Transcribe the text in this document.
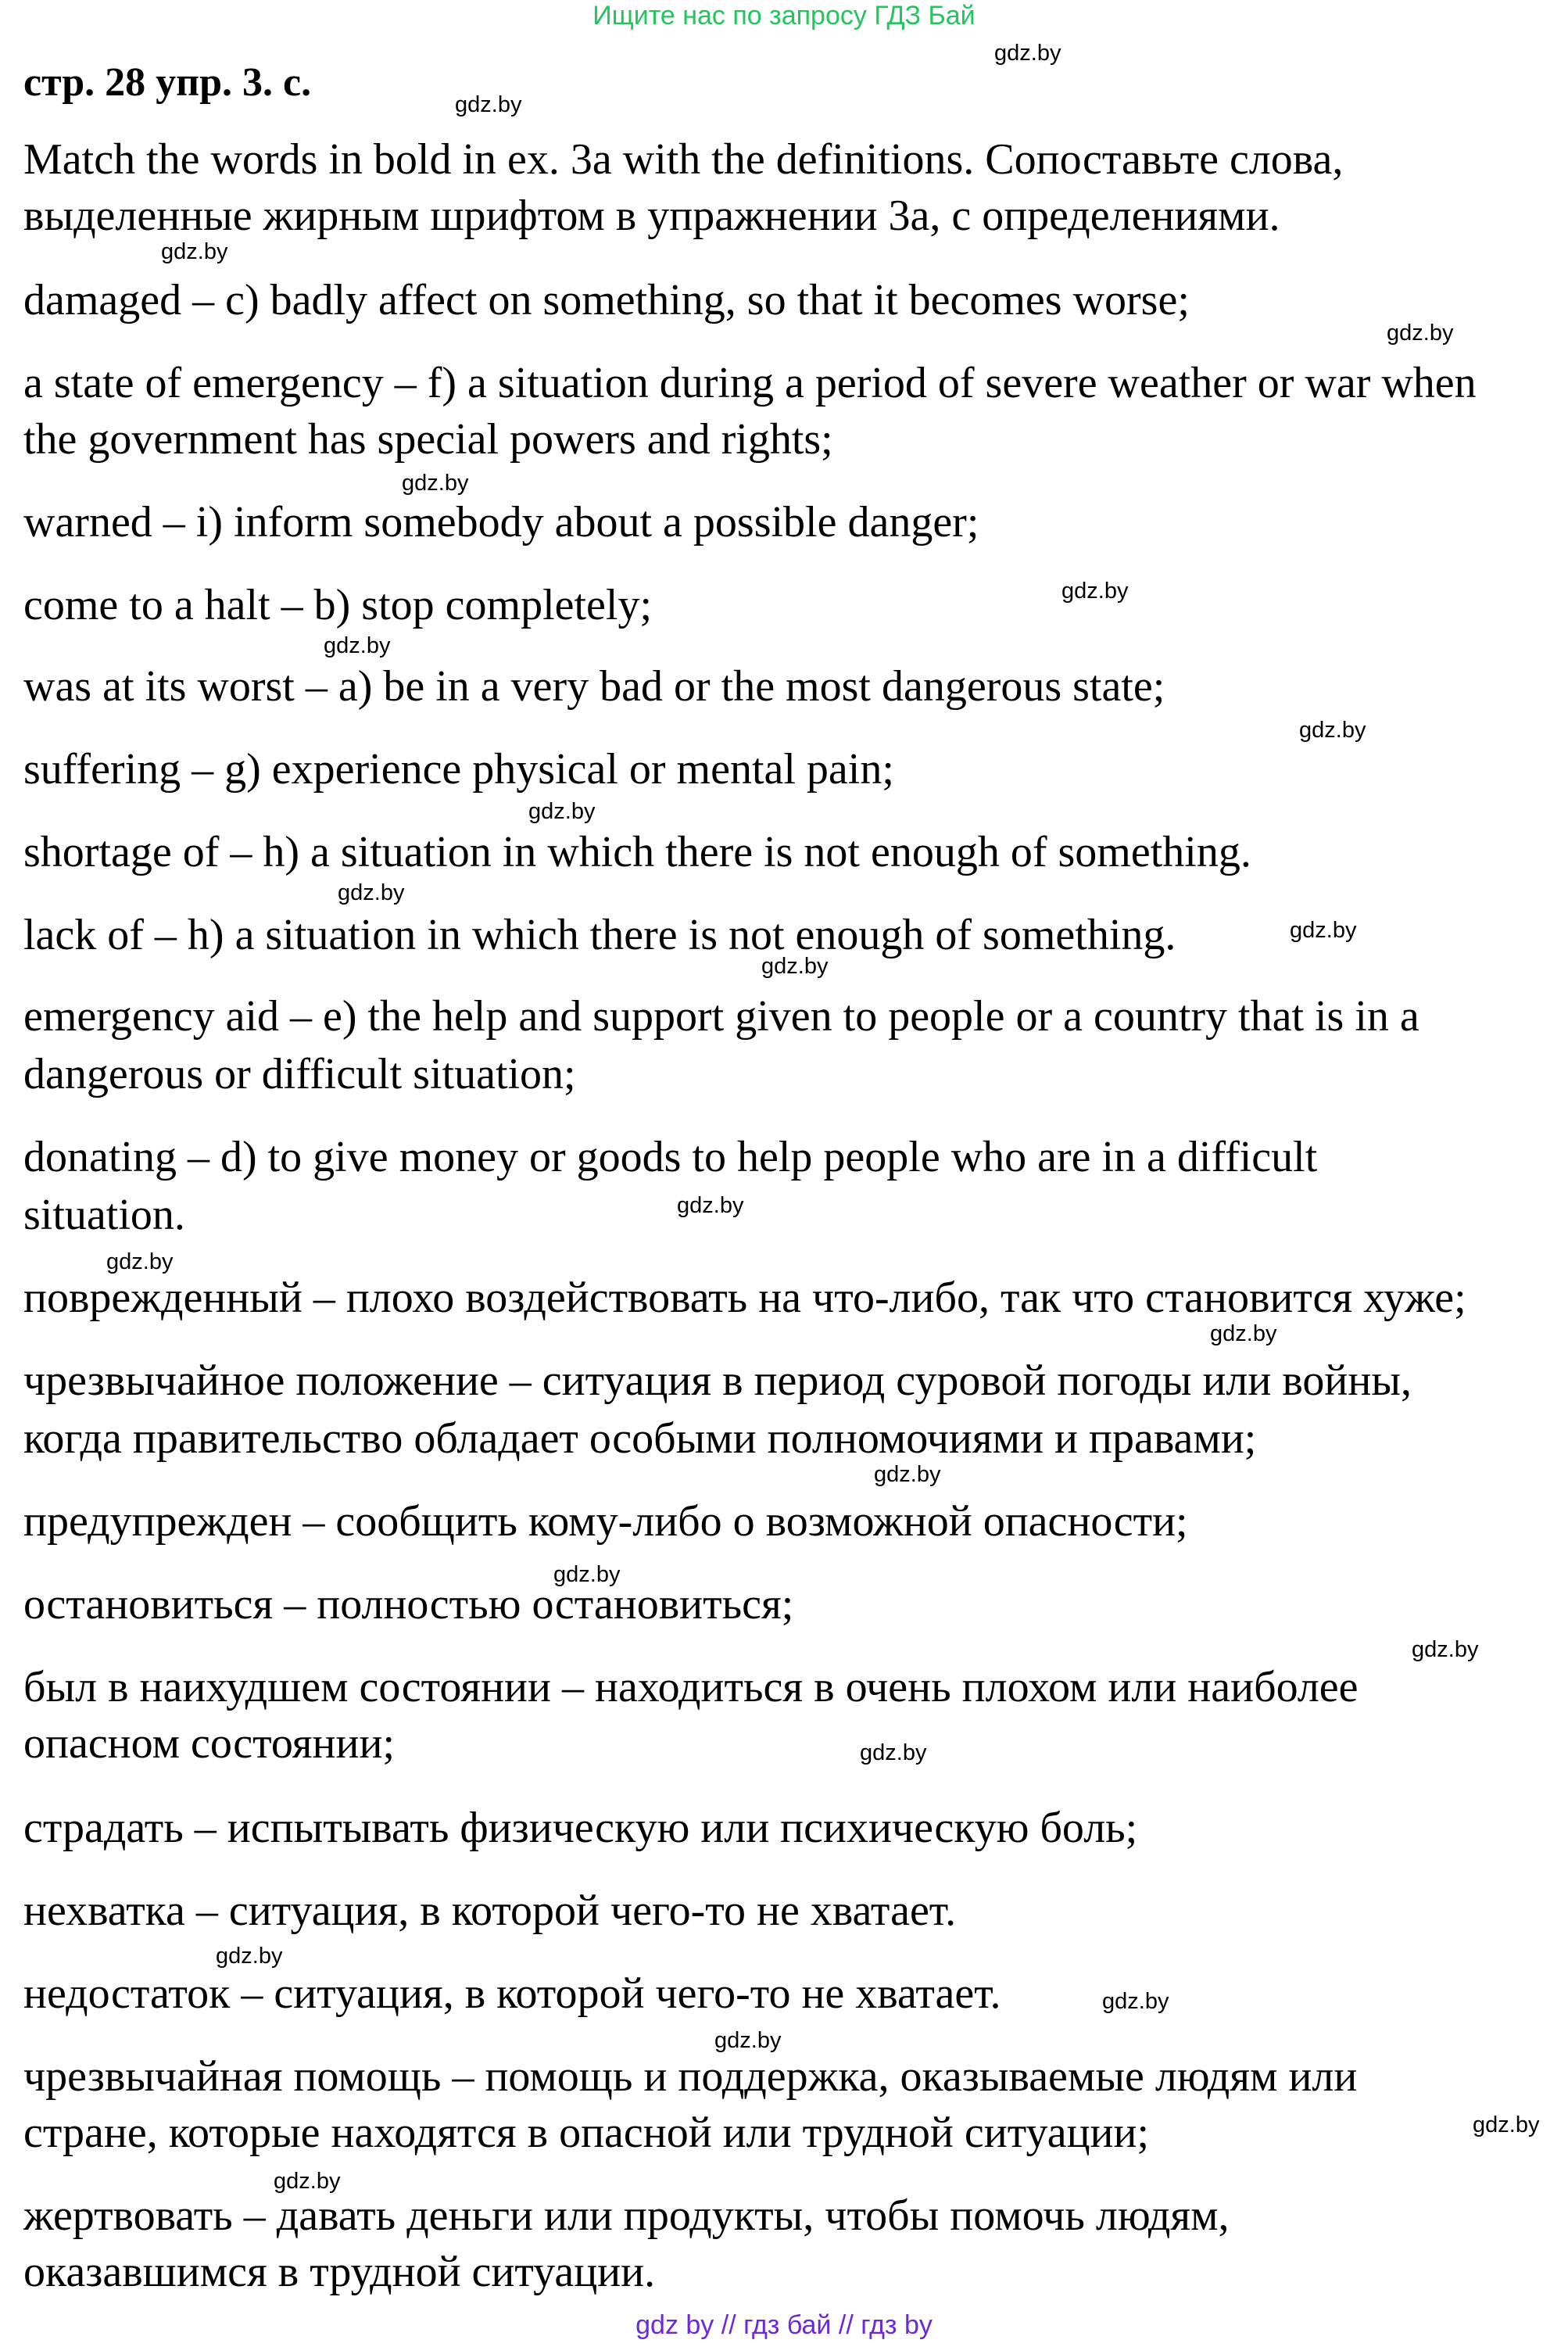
Ищите нас по запросу ГДЗ Бай
стр. 28 упр. 3. c.
Match the words in bold in ex. 3a with the definitions. Сопоставьте слова,
выделенные жирным шрифтом в упражнении 3a, с определениями.
damaged – c) badly affect on something, so that it becomes worse;
a state of emergency – f) a situation during a period of severe weather or war when
the government has special powers and rights;
warned – i) inform somebody about a possible danger;
come to a halt – b) stop completely;
was at its worst – a) be in a very bad or the most dangerous state;
suffering – g) experience physical or mental pain;
shortage of – h) a situation in which there is not enough of something.
lack of – h) a situation in which there is not enough of something.
emergency aid – e) the help and support given to people or a country that is in a
dangerous or difficult situation;
donating – d) to give money or goods to help people who are in a difficult
situation.
поврежденный – плохо воздействовать на что-либо, так что становится хуже;
чрезвычайное положение – ситуация в период суровой погоды или войны,
когда правительство обладает особыми полномочиями и правами;
предупрежден – сообщить кому-либо о возможной опасности;
остановиться – полностью остановиться;
был в наихудшем состоянии – находиться в очень плохом или наиболее
опасном состоянии;
страдать – испытывать физическую или психическую боль;
нехватка – ситуация, в которой чего-то не хватает.
недостаток – ситуация, в которой чего-то не хватает.
чрезвычайная помощь – помощь и поддержка, оказываемые людям или
стране, которые находятся в опасной или трудной ситуации;
жертвовать – давать деньги или продукты, чтобы помочь людям,
оказавшимся в трудной ситуации.
gdz.by
gdz.by
gdz.by
gdz.by
gdz.by
gdz.by
gdz.by
gdz.by
gdz.by
gdz.by
gdz.by
gdz.by
gdz.by
gdz.by
gdz.by
gdz.by
gdz.by
gdz.by
gdz.by
gdz.by
gdz.by
gdz.by
gdz.by
gdz.by
gdz by // гдз бай // гдз by
